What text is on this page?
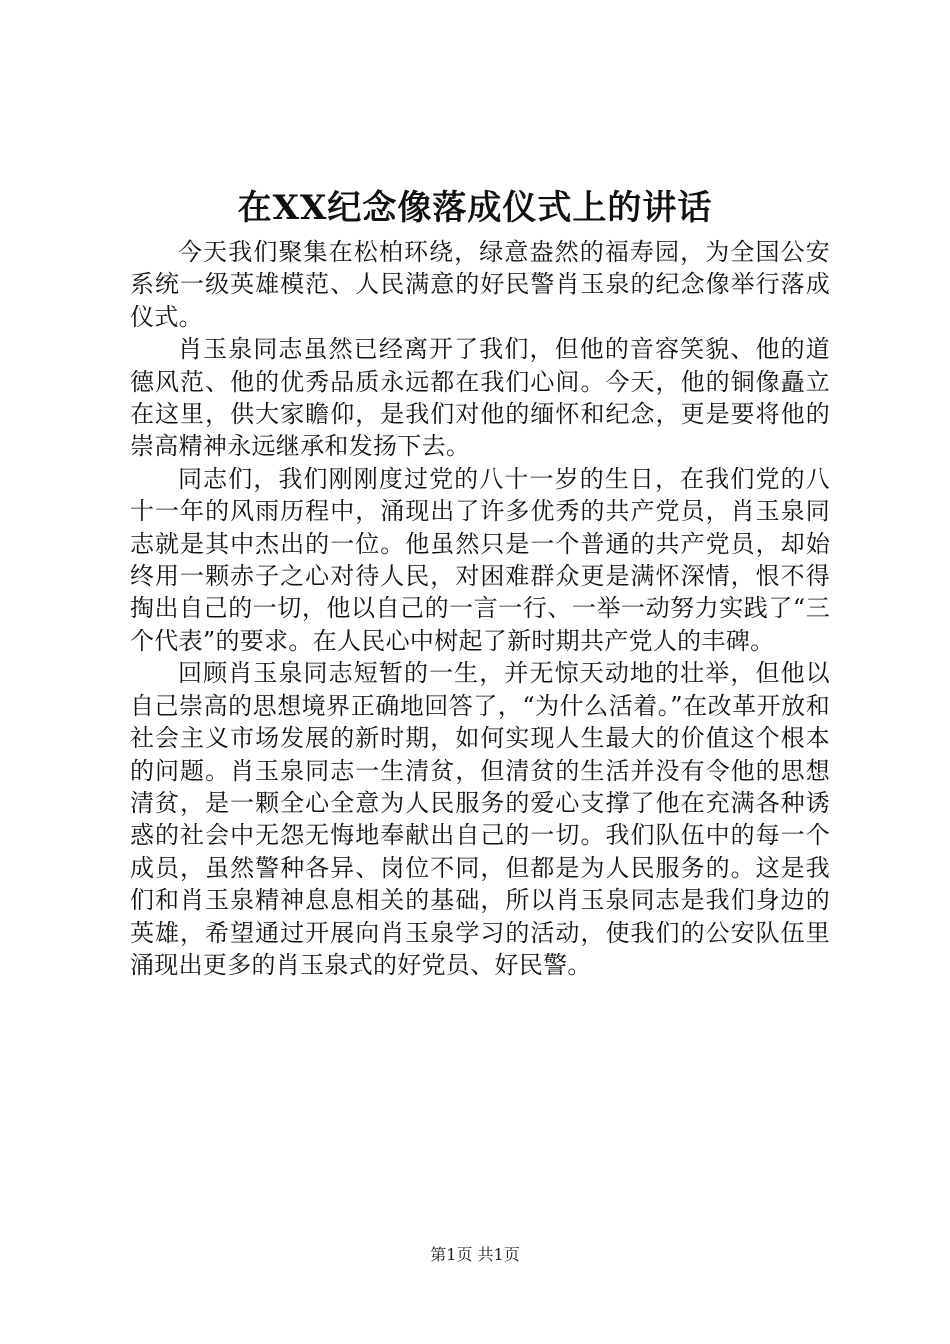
在XX纪念像落成仪式上的讲话

今天我们聚集在松柏环绕，绿意盎然的福寿园，为全国公安系统一级英雄模范、人民满意的好民警肖玉泉的纪念像举行落成仪式。

肖玉泉同志虽然已经离开了我们，但他的音容笑貌、他的道德风范、他的优秀品质永远都在我们心间。今天，他的铜像矗立在这里，供大家瞻仰，是我们对他的缅怀和纪念，更是要将他的崇高精神永远继承和发扬下去。

同志们，我们刚刚度过党的八十一岁的生日，在我们党的八十一年的风雨历程中，涌现出了许多优秀的共产党员，肖玉泉同志就是其中杰出的一位。他虽然只是一个普通的共产党员，却始终用一颗赤子之心对待人民，对困难群众更是满怀深情，恨不得掏出自己的一切，他以自己的一言一行、一举一动努力实践了“三个代表”的要求。在人民心中树起了新时期共产党人的丰碑。

回顾肖玉泉同志短暂的一生，并无惊天动地的壮举，但他以自己崇高的思想境界正确地回答了，“为什么活着。”在改革开放和社会主义市场发展的新时期，如何实现人生最大的价值这个根本的问题。肖玉泉同志一生清贫，但清贫的生活并没有令他的思想清贫，是一颗全心全意为人民服务的爱心支撑了他在充满各种诱惑的社会中无怨无悔地奉献出自己的一切。我们队伍中的每一个成员，虽然警种各异、岗位不同，但都是为人民服务的。这是我们和肖玉泉精神息息相关的基础，所以肖玉泉同志是我们身边的英雄，希望通过开展向肖玉泉学习的活动，使我们的公安队伍里涌现出更多的肖玉泉式的好党员、好民警。

第1页 共1页
